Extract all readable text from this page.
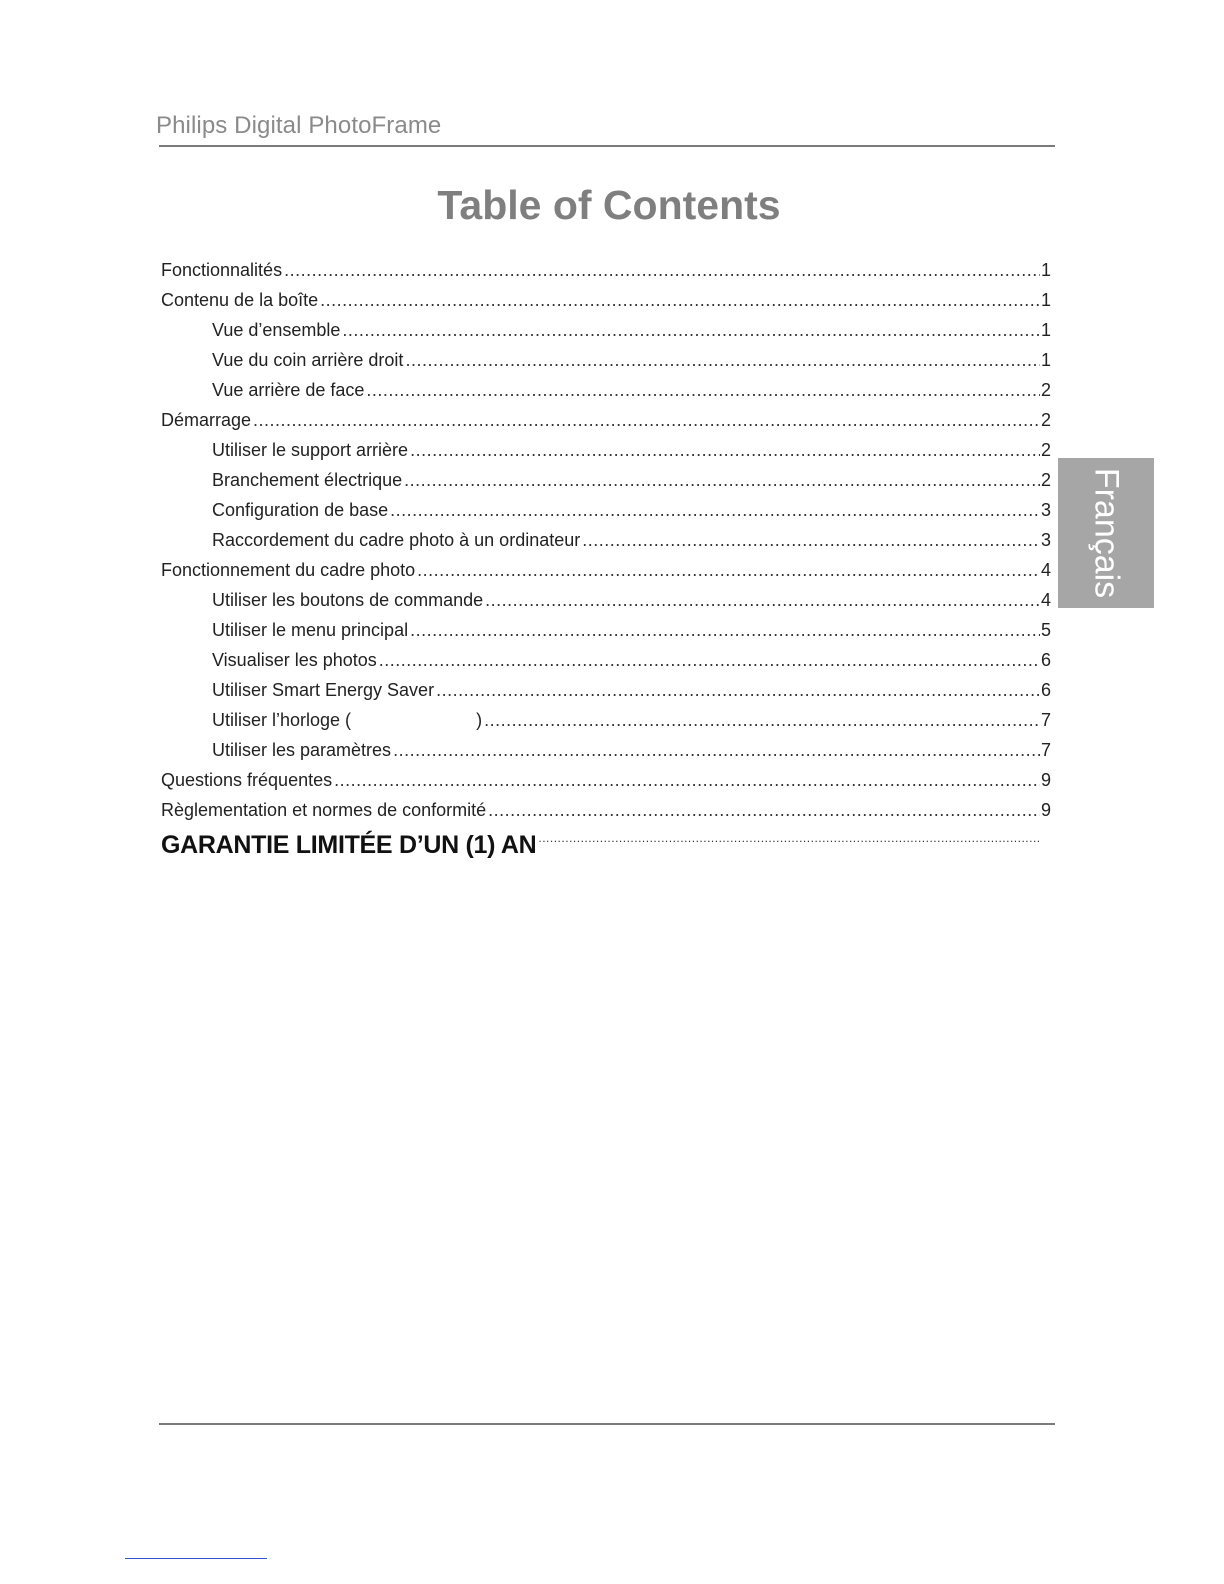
Philips Digital PhotoFrame
Table of Contents
Fonctionnalités .....	1
Contenu de la boîte .....	1
Vue d’ensemble .....	1
Vue du coin arrière droit .....	1
Vue arrière de face .....	2
Démarrage .....	2
Utiliser le support arrière .....	2
Branchement électrique .....	2
Configuration de base .....	3
Raccordement du cadre photo à un ordinateur .....	3
Fonctionnement du cadre photo .....	4
Utiliser les boutons de commande .....	4
Utiliser le menu principal .....	5
Visualiser les photos .....	6
Utiliser Smart Energy Saver .....	6
Utiliser l’horloge (                         ) .....	7
Utiliser les paramètres .....	7
Questions fréquentes .....	9
Règlementation et normes de conformité .....	9
GARANTIE LIMITÉE D’UN (1) AN
.....
Français
